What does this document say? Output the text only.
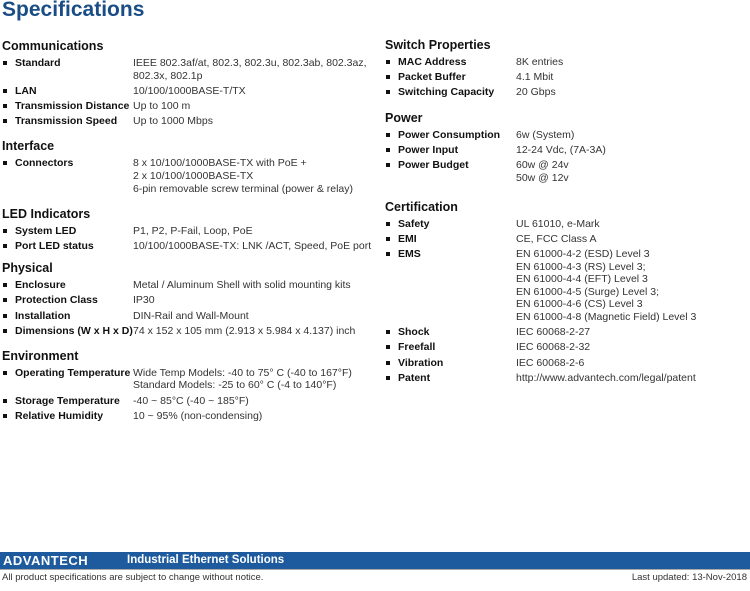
Specifications
Communications
Standard	IEEE 802.3af/at, 802.3, 802.3u, 802.3ab, 802.3az,
802.3x, 802.1p
LAN	10/100/1000BASE-T/TX
Transmission Distance Up to 100 m
Transmission Speed Up to 1000 Mbps
Interface
Connectors	8 x 10/100/1000BASE-TX with PoE +
2 x 10/100/1000BASE-TX
6-pin removable screw terminal (power & relay)
LED Indicators
System LED	P1, P2, P-Fail, Loop, PoE
Port LED status	10/100/1000BASE-TX: LNK /ACT, Speed, PoE port
Physical
Enclosure	Metal / Aluminum Shell with solid mounting kits
Protection Class	IP30
Installation	DIN-Rail and Wall-Mount
Dimensions (W x H x D) 74 x 152 x 105 mm (2.913 x 5.984 x 4.137) inch
Environment
Operating Temperature Wide Temp Models: -40 to 75° C (-40 to 167°F)
Standard Models: -25 to 60° C (-4 to 140°F)
Storage Temperature -40 ~ 85°C (-40 ~ 185°F)
Relative Humidity	10 ~ 95% (non-condensing)
Switch Properties
MAC Address	8K entries
Packet Buffer	4.1 Mbit
Switching Capacity 20 Gbps
Power
Power Consumption 6w (System)
Power Input	12-24 Vdc, (7A-3A)
Power Budget	60w @ 24v
50w @ 12v
Certification
Safety	UL 61010, e-Mark
EMI	CE, FCC Class A
EMS	EN 61000-4-2 (ESD) Level 3
EN 61000-4-3 (RS) Level 3;
EN 61000-4-4 (EFT) Level 3
EN 61000-4-5 (Surge) Level 3;
EN 61000-4-6 (CS) Level 3
EN 61000-4-8 (Magnetic Field) Level 3
Shock	IEC 60068-2-27
Freefall	IEC 60068-2-32
Vibration	IEC 60068-2-6
Patent	http://www.advantech.com/legal/patent
ADVANTECH	Industrial Ethernet Solutions
All product specifications are subject to change without notice.	Last updated: 13-Nov-2018
